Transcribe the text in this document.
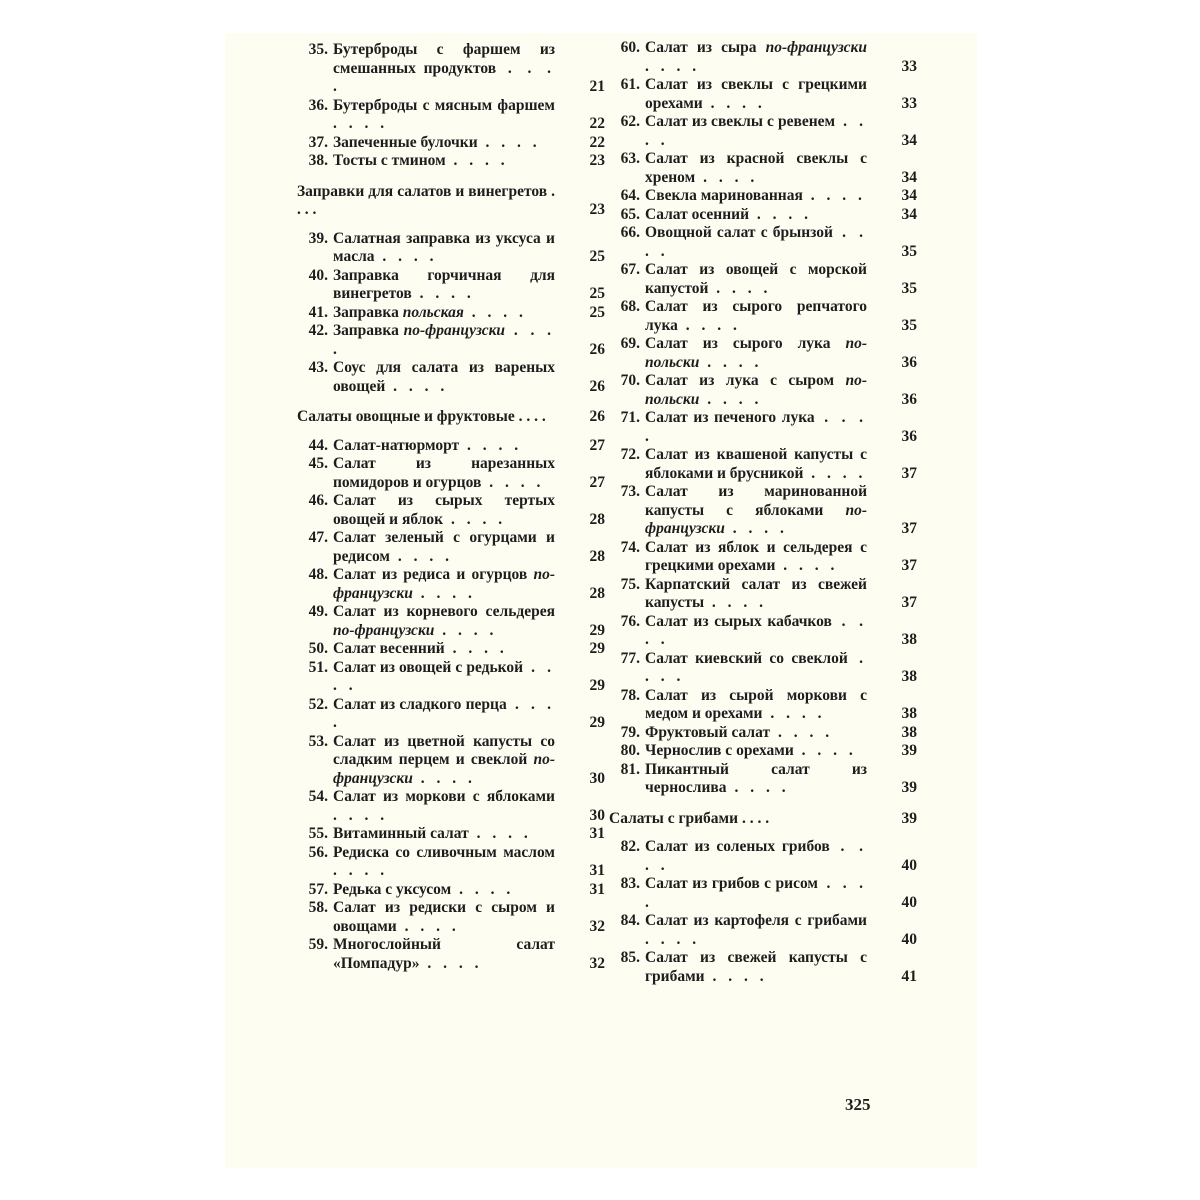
35. Бутерброды с фаршем из смешанных продуктов . . . .	21
36. Бутерброды с мясным фаршем . . . .	22
37. Запеченные булочки . . . .	22
38. Тосты с тмином . . . .	23
Заправки для салатов и винегретов . . . .	23
39. Салатная заправка из уксуса и масла . . . .	25
40. Заправка горчичная для винегретов . . . .	25
41. Заправка польская . . . .	25
42. Заправка по-французски . . . .	26
43. Соус для салата из вареных овощей . . . .	26
Салаты овощные и фруктовые . . . .	26
44. Салат-натюрморт . . . .	27
45. Салат из нарезанных помидоров и огурцов . . . .	27
46. Салат из сырых тертых овощей и яблок . . . .	28
47. Салат зеленый с огурцами и редисом . . . .	28
48. Салат из редиса и огурцов по-французски . . . .	28
49. Салат из корневого сельдерея по-французски . . . .	29
50. Салат весенний . . . .	29
51. Салат из овощей с редькой . . . .	29
52. Салат из сладкого перца . . . .	29
53. Салат из цветной капусты со сладким перцем и свеклой по-французски . . . .	30
54. Салат из моркови с яблоками . . . .	30
55. Витаминный салат . . . .	31
56. Редиска со сливочным маслом . . . .	31
57. Редька с уксусом . . . .	31
58. Салат из редиски с сыром и овощами . . . .	32
59. Многослойный салат «Помпадур» . . . .	32
60. Салат из сыра по-французски . . . .	33
61. Салат из свеклы с грецкими орехами . . . .	33
62. Салат из свеклы с ревенем . . . .	34
63. Салат из красной свеклы с хреном . . . .	34
64. Свекла маринованная . . . .	34
65. Салат осенний . . . .	34
66. Овощной салат с брынзой . . . .	35
67. Салат из овощей с морской капустой . . . .	35
68. Салат из сырого репчатого лука . . . .	35
69. Салат из сырого лука по-польски . . . .	36
70. Салат из лука с сыром по-польски . . . .	36
71. Салат из печеного лука . . . .	36
72. Салат из квашеной капусты с яблоками и брусникой . . . .	37
73. Салат из маринованной капусты с яблоками по-французски . . . .	37
74. Салат из яблок и сельдерея с грецкими орехами . . . .	37
75. Карпатский салат из свежей капусты . . . .	37
76. Салат из сырых кабачков . . . .	38
77. Салат киевский со свеклой . . . .	38
78. Салат из сырой моркови с медом и орехами . . . .	38
79. Фруктовый салат . . . .	38
80. Чернослив с орехами . . . .	39
81. Пикантный салат из чернослива . . . .	39
Салаты с грибами . . . .	39
82. Салат из соленых грибов . . . .	40
83. Салат из грибов с рисом . . . .	40
84. Салат из картофеля с грибами . . . .	40
85. Салат из свежей капусты с грибами . . . .	41
325
